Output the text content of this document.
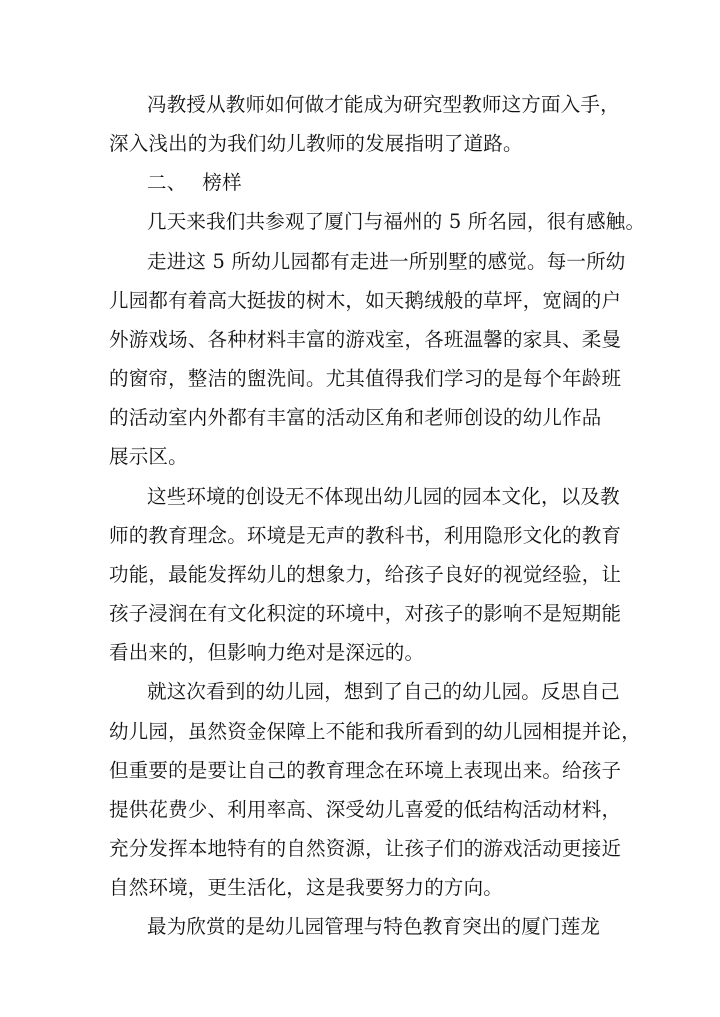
冯教授从教师如何做才能成为研究型教师这方面入手，
深入浅出的为我们幼儿教师的发展指明了道路。
二、 榜样
几天来我们共参观了厦门与福州的 5 所名园，很有感触。
走进这 5 所幼儿园都有走进一所别墅的感觉。每一所幼
儿园都有着高大挺拔的树木，如天鹅绒般的草坪，宽阔的户
外游戏场、各种材料丰富的游戏室，各班温馨的家具、柔曼
的窗帘，整洁的盥洗间。尤其值得我们学习的是每个年龄班
的活动室内外都有丰富的活动区角和老师创设的幼儿作品
展示区。
这些环境的创设无不体现出幼儿园的园本文化，以及教
师的教育理念。环境是无声的教科书，利用隐形文化的教育
功能，最能发挥幼儿的想象力，给孩子良好的视觉经验，让
孩子浸润在有文化积淀的环境中，对孩子的影响不是短期能
看出来的，但影响力绝对是深远的。
就这次看到的幼儿园，想到了自己的幼儿园。反思自己
幼儿园，虽然资金保障上不能和我所看到的幼儿园相提并论，
但重要的是要让自己的教育理念在环境上表现出来。给孩子
提供花费少、利用率高、深受幼儿喜爱的低结构活动材料，
充分发挥本地特有的自然资源，让孩子们的游戏活动更接近
自然环境，更生活化，这是我要努力的方向。
最为欣赏的是幼儿园管理与特色教育突出的厦门莲龙
